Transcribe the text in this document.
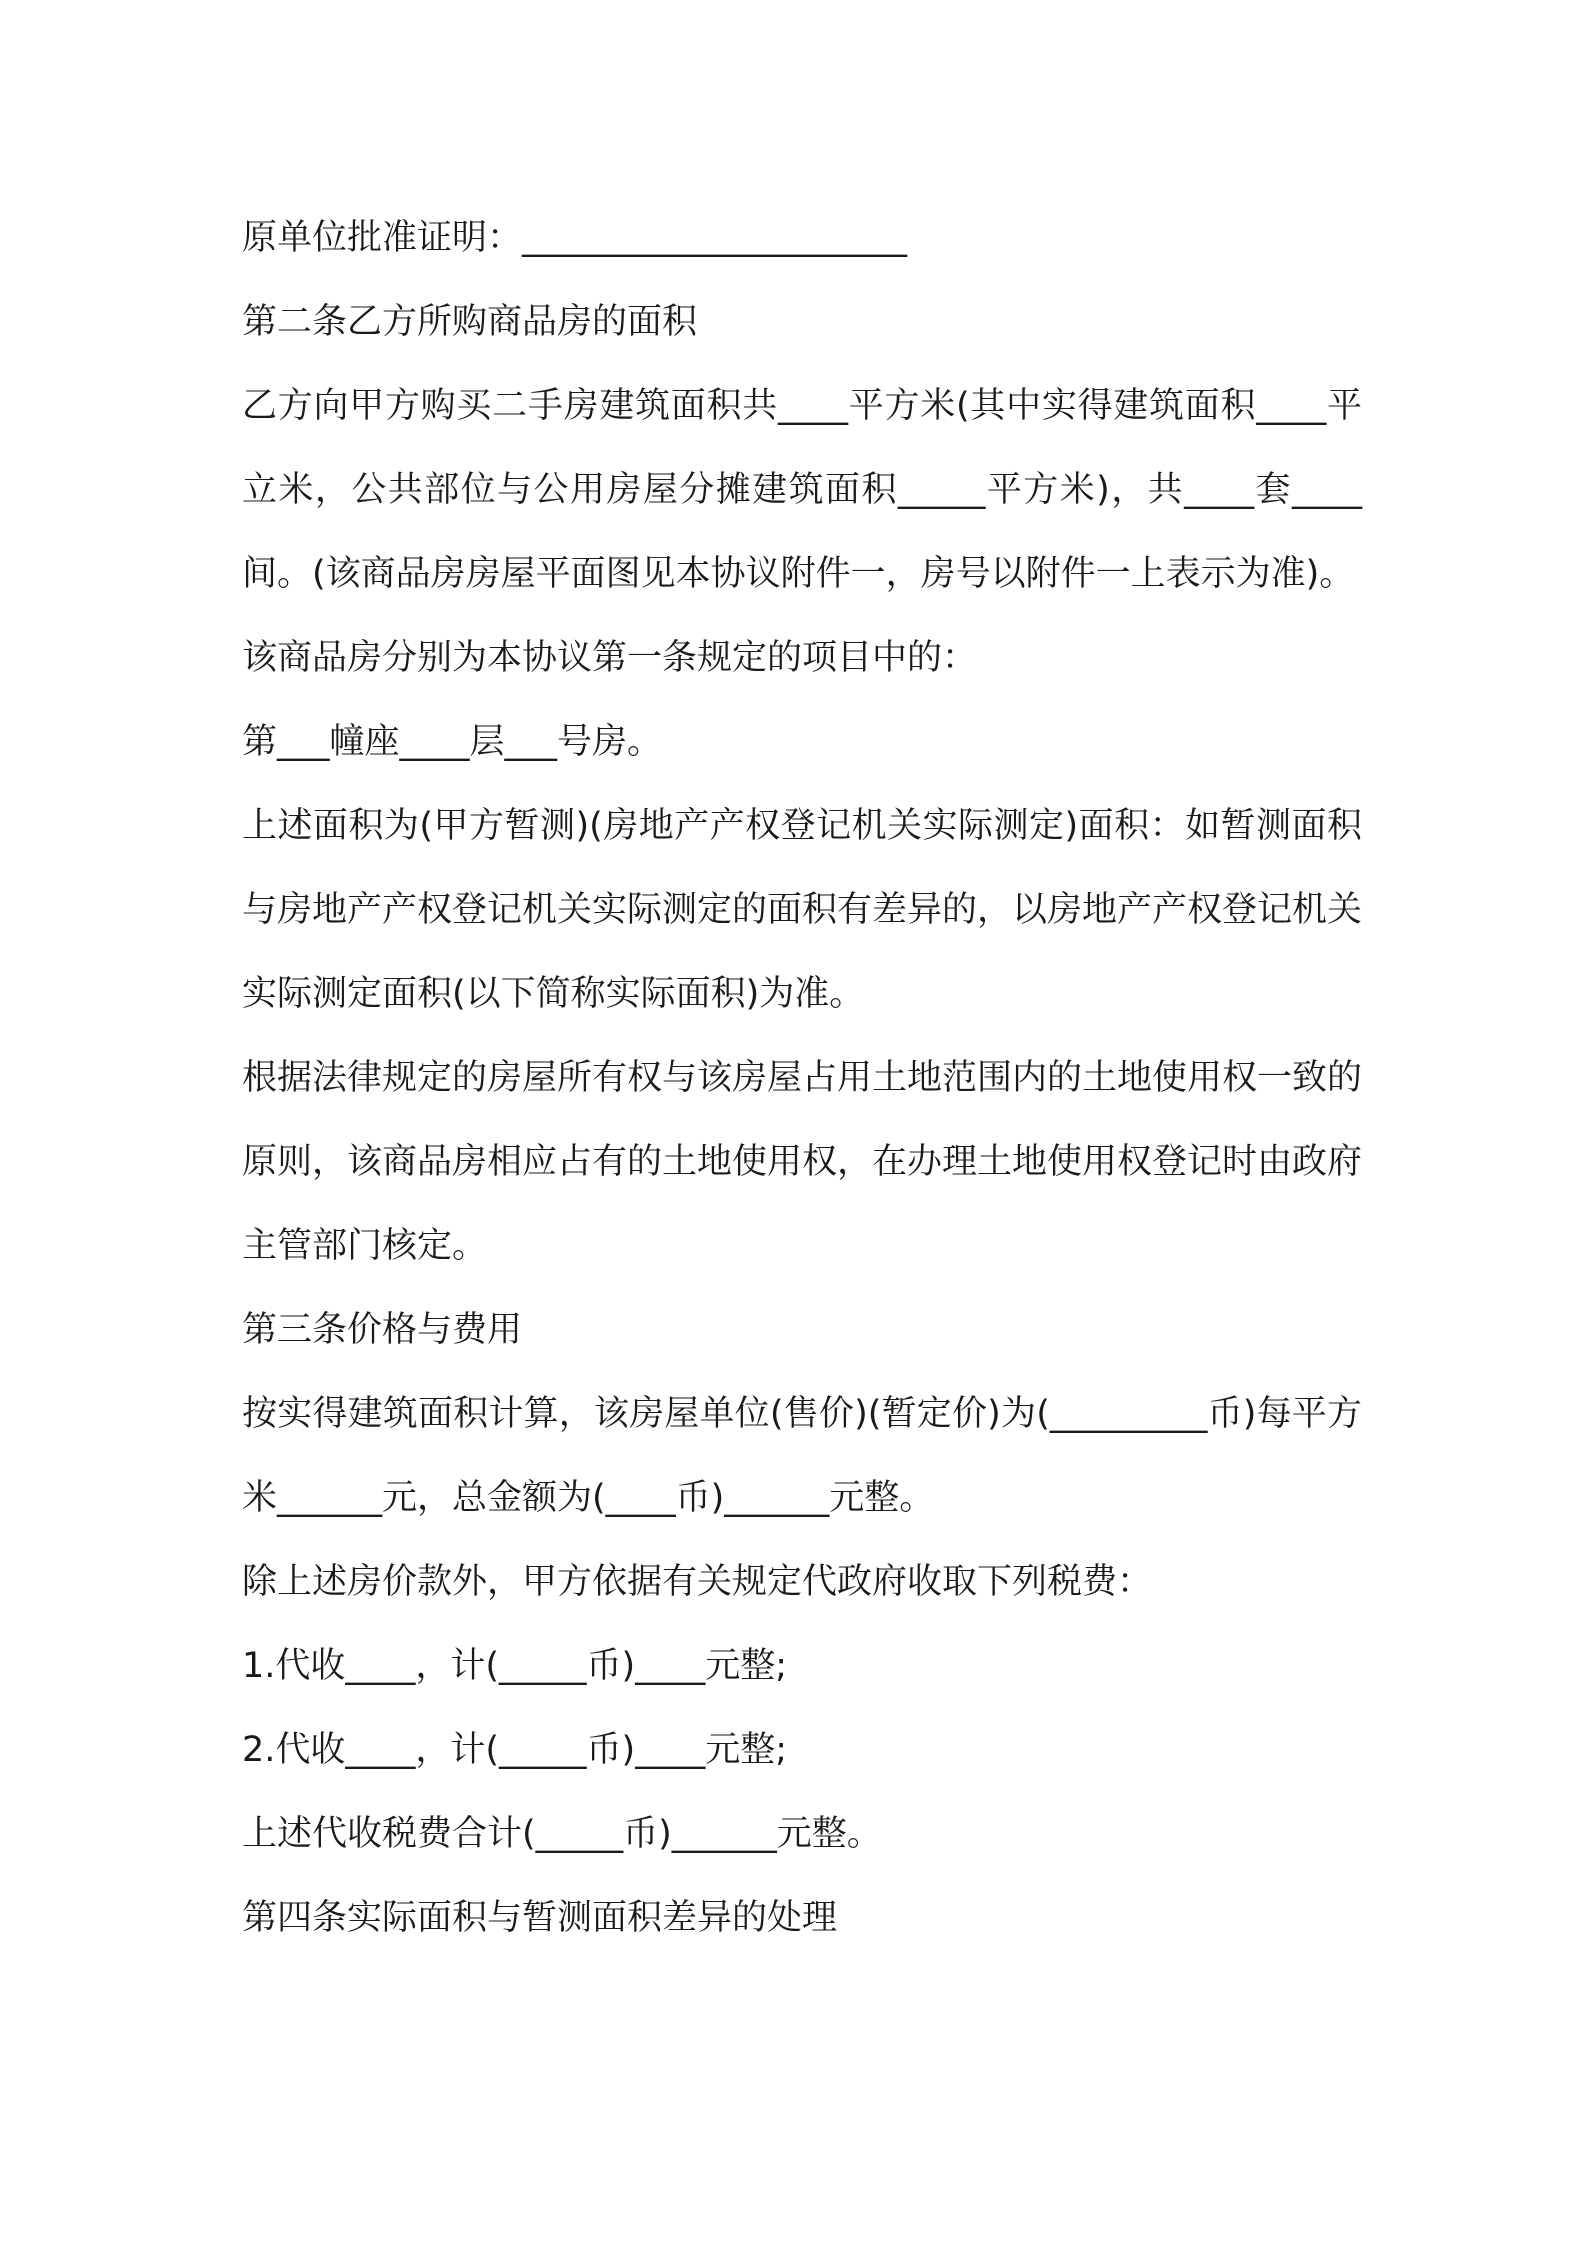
原单位批准证明：______________________

第二条乙方所购商品房的面积

乙方向甲方购买二手房建筑面积共____平方米(其中实得建筑面积____平立米，公共部位与公用房屋分摊建筑面积_____平方米)，共____套____间。(该商品房房屋平面图见本协议附件一，房号以附件一上表示为准)。

该商品房分别为本协议第一条规定的项目中的：

第___幢座____层___号房。

上述面积为(甲方暂测)(房地产产权登记机关实际测定)面积：如暂测面积与房地产产权登记机关实际测定的面积有差异的，以房地产产权登记机关实际测定面积(以下简称实际面积)为准。

根据法律规定的房屋所有权与该房屋占用土地范围内的土地使用权一致的原则，该商品房相应占有的土地使用权，在办理土地使用权登记时由政府主管部门核定。

第三条价格与费用

按实得建筑面积计算，该房屋单位(售价)(暂定价)为(_________币)每平方米______元，总金额为(____币)______元整。

除上述房价款外，甲方依据有关规定代政府收取下列税费：

1.代收____，计(_____币)____元整;

2.代收____，计(_____币)____元整;

上述代收税费合计(_____币)______元整。

第四条实际面积与暂测面积差异的处理
